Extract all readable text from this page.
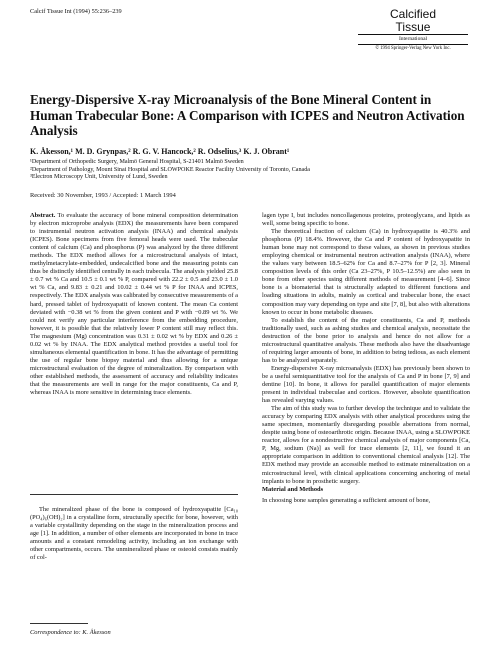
Calcif Tissue Int (1994) 55:236–239	Calcified
Tissue
International
© 1994 Springer-Verlag New York Inc.
Energy-Dispersive X-ray Microanalysis of the Bone Mineral Content in Human Trabecular Bone: A Comparison with ICPES and Neutron Activation Analysis
K. Åkesson,¹ M. D. Grynpas,² R. G. V. Hancock,² R. Odselius,³ K. J. Obrant¹
¹Department of Orthopedic Surgery, Malmö General Hospital, S-21401 Malmö Sweden
²Department of Pathology, Mount Sinai Hospital and SLOWPOKE Reactor Facility University of Toronto, Canada
³Electron Microscopy Unit, University of Lund, Sweden
Received: 30 November, 1993 / Accepted: 1 March 1994

Abstract. To evaluate the accuracy of bone mineral composition determination by electron microprobe analysis (EDX) the measurements have been compared to instrumental neutron activation analysis (INAA) and chemical analysis (ICPES). Bone specimens from five femoral heads were used. The trabecular content of calcium (Ca) and phosphorus (P) was analyzed by the three different methods. The EDX method allows for a microstructural analysis of intact, methylmetacrylate-embedded, undecalcified bone and the measuring points can thus be distinctly identified centrally in each trabecula. The analysis yielded 25.8 ± 0.7 wt % Ca and 10.5 ± 0.1 wt % P, compared with 22.2 ± 0.5 and 23.0 ± 1.0 wt % Ca, and 9.83 ± 0.21 and 10.02 ± 0.44 wt % P for INAA and ICPES, respectively. The EDX analysis was calibrated by consecutive measurements of a hard, pressed tablet of hydroxyapatit of known content. The mean Ca content deviated with −0.38 wt % from the given content and P with −0.89 wt %. We could not verify any particular interference from the embedding procedure, however, it is possible that the relatively lower P content still may reflect this. The magnesium (Mg) concentration was 0.31 ± 0.02 wt % by EDX and 0.26 ± 0.02 wt % by INAA. The EDX analytical method provides a useful tool for simultaneous elemental quantification in bone. It has the advantage of permitting the use of regular bone biopsy material and thus allowing for a unique microstructural evaluation of the degree of mineralization. By comparison with other established methods, the assessment of accuracy and reliability indicates that the measurements are well in range for the major constituents, Ca and P, whereas INAA is more sensitive in determining trace elements.

The mineralized phase of the bone is composed of hydroxyapatite [Ca₁₀ (PO₄)₆(OH)₂] in a crystalline form, structurally specific for bone, however, with a variable crystallinity depending on the stage in the mineralization process and age [1]. In addition, a number of other elements are incorporated in bone in trace amounts and a constant remodeling activity, including an ion exchange with other compartments, occurs. The unmineralized phase or osteoid consists mainly of col-

Correspondence to: K. Åkesson

lagen type I, but includes noncollagenous proteins, proteoglycans, and lipids as well, some being specific to bone.

The theoretical fraction of calcium (Ca) in hydroxyapatite is 40.3% and phosphorus (P) 18.4%. However, the Ca and P content of hydroxyapatite in human bone may not correspond to these values, as shown in previous studies employing chemical or instrumental neutron activation analysis (INAA), where the values vary between 18.5–62% for Ca and 8.7–27% for P [2, 3]. Mineral composition levels of this order (Ca 23–27%, P 10.5–12.5%) are also seen in bone from other species using different methods of measurement [4–6]. Since bone is a biomaterial that is structurally adapted to different functions and loading situations in adults, mainly as cortical and trabecular bone, the exact composition may vary depending on type and site [7, 8], but also with alterations known to occur in bone metabolic diseases.

To establish the content of the major constituents, Ca and P, methods traditionally used, such as ashing studies and chemical analysis, necessitate the destruction of the bone prior to analysis and hence do not allow for a microstructural quantitative analysis. These methods also have the disadvantage of requiring larger amounts of bone, in addition to being tedious, as each element has to be analyzed separately.

Energy-dispersive X-ray microanalysis (EDX) has previously been shown to be a useful semiquantitative tool for the analysis of Ca and P in bone [7, 9] and dentine [10]. In bone, it allows for parallel quantification of major elements present in individual trabeculae and cortices. However, absolute quantification has revealed varying values.

The aim of this study was to further develop the technique and to validate the accuracy by comparing EDX analysis with other analytical procedures using the same specimen, momentarily disregarding possible aberrations from normal, despite using bone of osteoarthrotic origin. Because INAA, using a SLOWPOKE reactor, allows for a nondestructive chemical analysis of major components [Ca, P, Mg, sodium (Na)] as well for trace elements [2, 11], we found it an appropriate comparison in addition to conventional chemical analysis [12]. The EDX method may provide an accessible method to estimate mineralization on a microstructural level, with clinical applications concerning anchoring of metal implants to bone in prosthetic surgery.

Material and Methods

In choosing bone samples generating a sufficient amount of bone,
